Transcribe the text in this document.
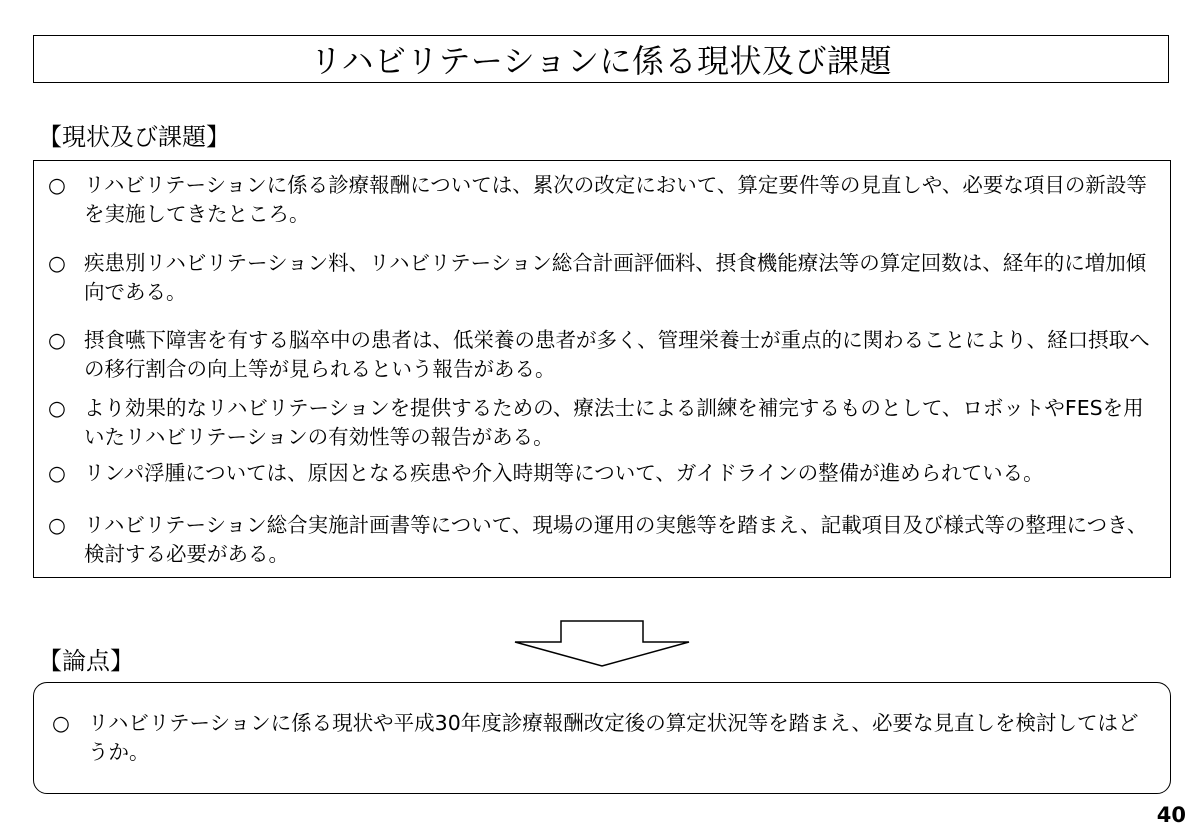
リハビリテーションに係る現状及び課題
【現状及び課題】
○ リハビリテーションに係る診療報酬については、累次の改定において、算定要件等の見直しや、必要な項目の新設等を実施してきたところ。
○ 疾患別リハビリテーション料、リハビリテーション総合計画評価料、摂食機能療法等の算定回数は、経年的に増加傾向である。
○ 摂食嚥下障害を有する脳卒中の患者は、低栄養の患者が多く、管理栄養士が重点的に関わることにより、経口摂取への移行割合の向上等が見られるという報告がある。
○ より効果的なリハビリテーションを提供するための、療法士による訓練を補完するものとして、ロボットやFESを用いたリハビリテーションの有効性等の報告がある。
○ リンパ浮腫については、原因となる疾患や介入時期等について、ガイドラインの整備が進められている。
○ リハビリテーション総合実施計画書等について、現場の運用の実態等を踏まえ、記載項目及び様式等の整理につき、検討する必要がある。
【論点】
○ リハビリテーションに係る現状や平成30年度診療報酬改定後の算定状況等を踏まえ、必要な見直しを検討してはどうか。
40
